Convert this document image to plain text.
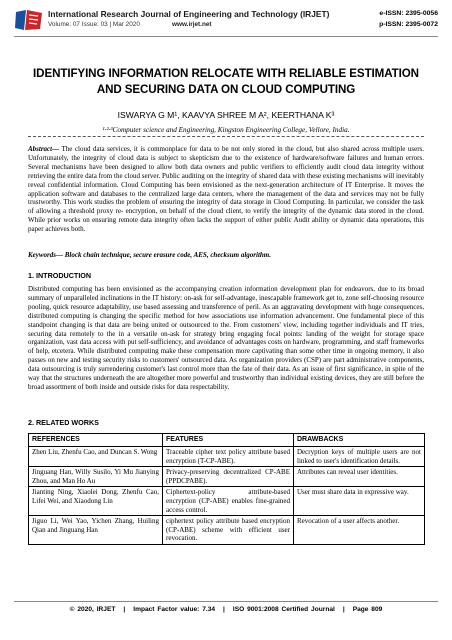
International Research Journal of Engineering and Technology (IRJET)
Volume: 07 Issue: 03 | Mar 2020	www.irjet.net
e-ISSN: 2395-0056
p-ISSN: 2395-0072
IDENTIFYING INFORMATION RELOCATE WITH RELIABLE ESTIMATION AND SECURING DATA ON CLOUD COMPUTING
ISWARYA G M¹, KAAVYA SHREE M A², KEERTHANA K³
¹·²·³Computer science and Engineering, Kingston Engineering College, Vellore, India.
Abstract— The cloud data services, it is commonplace for data to be not only stored in the cloud, but also shared across multiple users. Unfortunately, the integrity of cloud data is subject to skepticism due to the existence of hardware/software failures and human errors. Several mechanisms have been designed to allow both data owners and public verifiers to efficiently audit cloud data integrity without retrieving the entire data from the cloud server. Public auditing on the integrity of shared data with these existing mechanisms will inevitably reveal confidential information. Cloud Computing has been envisioned as the next-generation architecture of IT Enterprise. It moves the application software and databases to the centralized large data centers, where the management of the data and services may not be fully trustworthy. This work studies the problem of ensuring the integrity of data storage in Cloud Computing. In particular, we consider the task of allowing a threshold proxy re- encryption, on behalf of the cloud client, to verify the integrity of the dynamic data stored in the cloud. While prior works on ensuring remote data integrity often lacks the support of either public Audit ability or dynamic data operations, this paper achieves both.
Keywords— Block chain technique, secure erasure code, AES, checksum algorithm.
1. INTRODUCTION
Distributed computing has been envisioned as the accompanying creation information development plan for endeavors, due to its broad summary of unparalleled inclinations in the IT history: on-ask for self-advantage, inescapable framework get to, zone self-choosing resource pooling, quick resource adaptability, use based assessing and transference of peril. As an aggravating development with huge consequences, distributed computing is changing the specific method for how associations use information advancement. One fundamental piece of this standpoint changing is that data are being united or outsourced to the. From customers' view, including together individuals and IT tries, securing data remotely to the in a versatile on-ask for strategy bring engaging focal points: landing of the weight for storage space organization, vast data access with put self-sufficiency, and avoidance of advantages costs on hardware, programming, and staff frameworks of help, etcetera. While distributed computing make these compensation more captivating than some other time in ongoing memory, it also passes on new and testing security risks to customers' outsourced data. As organization providers (CSP) are part administrative components, data outsourcing is truly surrendering customer's last control more than the fate of their data. As an issue of first significance, in spite of the way that the structures underneath the are altogether more powerful and trustworthy than individual existing devices, they are still before the broad assortment of both inside and outside risks for data respectability.
2. RELATED WORKS
REFERENCES	FEATURES	DRAWBACKS
Zhen Liu, Zhenfu Cao, and Duncan S. Wong	Traceable cipher text policy attribute based encryption (T-CP-ABE).	Decryption keys of multiple users are not linked to user's identification details.
Jinguang Han, Willy Susilo, Yi Mu Jianying Zhou, and Man Ho Au	Privacy-preserving decentralized CP-ABE (PPDCPABE).	Attributes can reveal user identities.
Jianting Ning, Xiaolei Dong, Zhenfu Cao, Lifei Wei, and Xiaodong Lin	Ciphertext-policy attribute-based encryption (CP-ABE) enables fine-grained access control.	User must share data in expressive way.
Jiguo Li, Wei Yao, Yichen Zhang, Huiling Qian and Jinguang Han	ciphertext policy attribute based encryption (CP-ABE) scheme with efficient user revocation.	Revocation of a user affects another.
© 2020, IRJET | Impact Factor value: 7.34 | ISO 9001:2008 Certified Journal | Page 809
